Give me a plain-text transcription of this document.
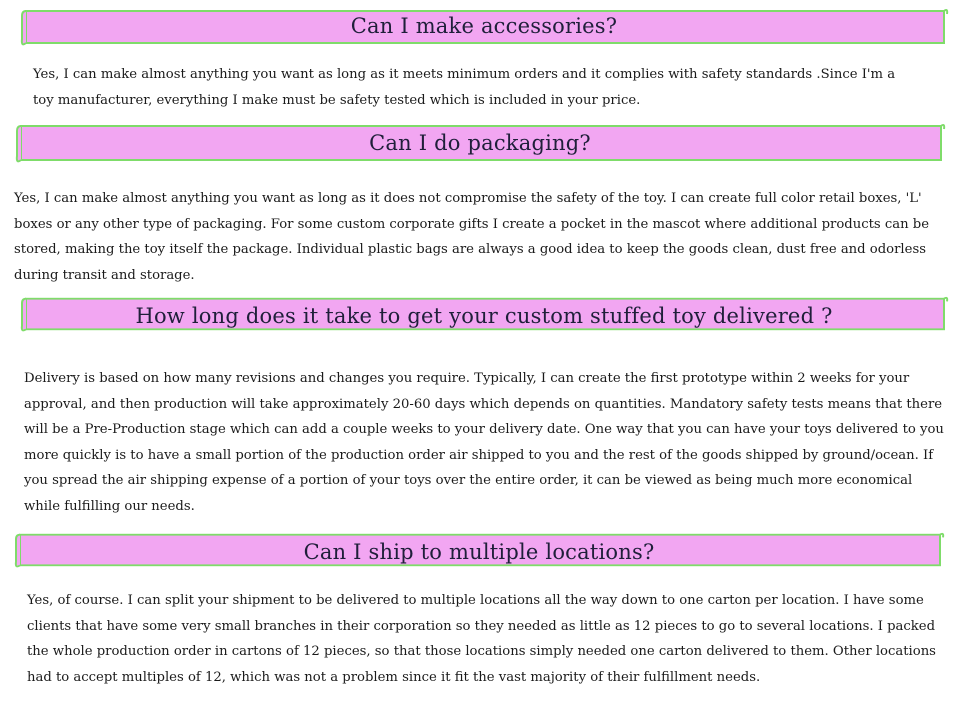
Can I make accessories?

Yes, I can make almost anything you want as long as it meets minimum orders and it complies with safety standards .Since I'm a toy manufacturer, everything I make must be safety tested which is included in your price.

Can I do packaging?

Yes, I can make almost anything you want as long as it does not compromise the safety of the toy. I can create full color retail boxes, 'L' boxes or any other type of packaging. For some custom corporate gifts I create a pocket in the mascot where additional products can be stored, making the toy itself the package. Individual plastic bags are always a good idea to keep the goods clean, dust free and odorless during transit and storage.

How long does it take to get your custom stuffed toy delivered ?

Delivery is based on how many revisions and changes you require. Typically, I can create the first prototype within 2 weeks for your approval, and then production will take approximately 20-60 days which depends on quantities. Mandatory safety tests means that there will be a Pre-Production stage which can add a couple weeks to your delivery date. One way that you can have your toys delivered to you more quickly is to have a small portion of the production order air shipped to you and the rest of the goods shipped by ground/ocean. If you spread the air shipping expense of a portion of your toys over the entire order, it can be viewed as being much more economical while fulfilling our needs.

Can I ship to multiple locations?

Yes, of course. I can split your shipment to be delivered to multiple locations all the way down to one carton per location. I have some clients that have some very small branches in their corporation so they needed as little as 12 pieces to go to several locations. I packed the whole production order in cartons of 12 pieces, so that those locations simply needed one carton delivered to them. Other locations had to accept multiples of 12, which was not a problem since it fit the vast majority of their fulfillment needs.
